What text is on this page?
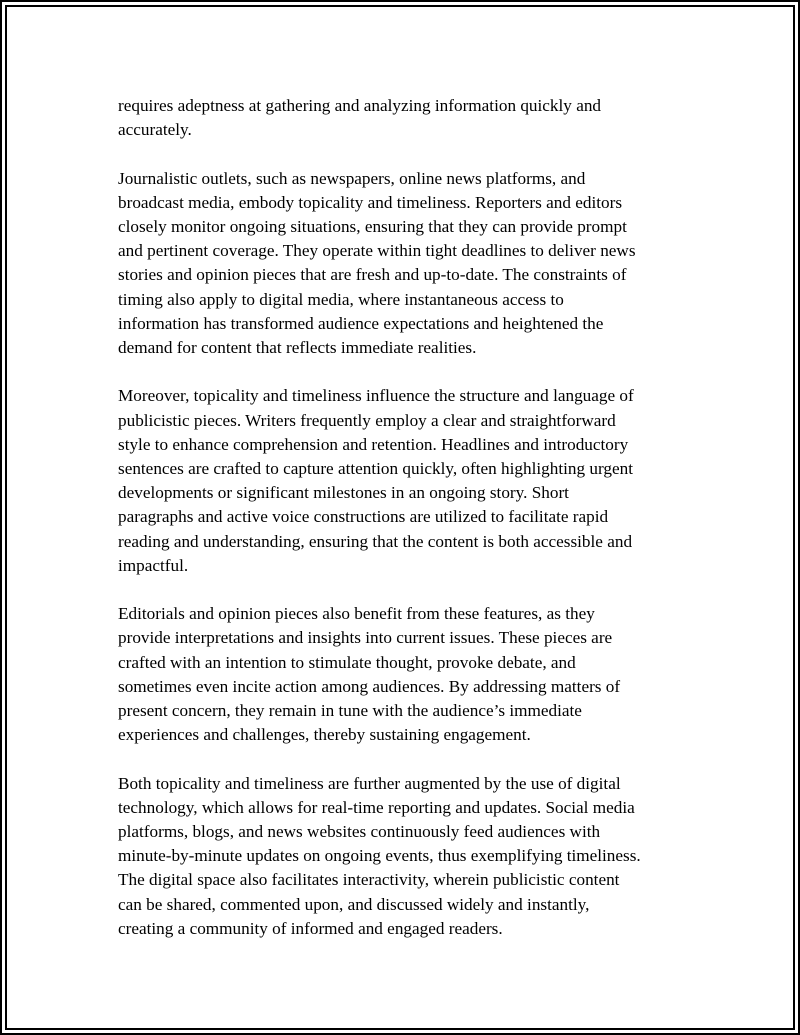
requires adeptness at gathering and analyzing information quickly and
accurately.

Journalistic outlets, such as newspapers, online news platforms, and
broadcast media, embody topicality and timeliness. Reporters and editors
closely monitor ongoing situations, ensuring that they can provide prompt
and pertinent coverage. They operate within tight deadlines to deliver news
stories and opinion pieces that are fresh and up-to-date. The constraints of
timing also apply to digital media, where instantaneous access to
information has transformed audience expectations and heightened the
demand for content that reflects immediate realities.

Moreover, topicality and timeliness influence the structure and language of
publicistic pieces. Writers frequently employ a clear and straightforward
style to enhance comprehension and retention. Headlines and introductory
sentences are crafted to capture attention quickly, often highlighting urgent
developments or significant milestones in an ongoing story. Short
paragraphs and active voice constructions are utilized to facilitate rapid
reading and understanding, ensuring that the content is both accessible and
impactful.

Editorials and opinion pieces also benefit from these features, as they
provide interpretations and insights into current issues. These pieces are
crafted with an intention to stimulate thought, provoke debate, and
sometimes even incite action among audiences. By addressing matters of
present concern, they remain in tune with the audience’s immediate
experiences and challenges, thereby sustaining engagement.

Both topicality and timeliness are further augmented by the use of digital
technology, which allows for real-time reporting and updates. Social media
platforms, blogs, and news websites continuously feed audiences with
minute-by-minute updates on ongoing events, thus exemplifying timeliness.
The digital space also facilitates interactivity, wherein publicistic content
can be shared, commented upon, and discussed widely and instantly,
creating a community of informed and engaged readers.
